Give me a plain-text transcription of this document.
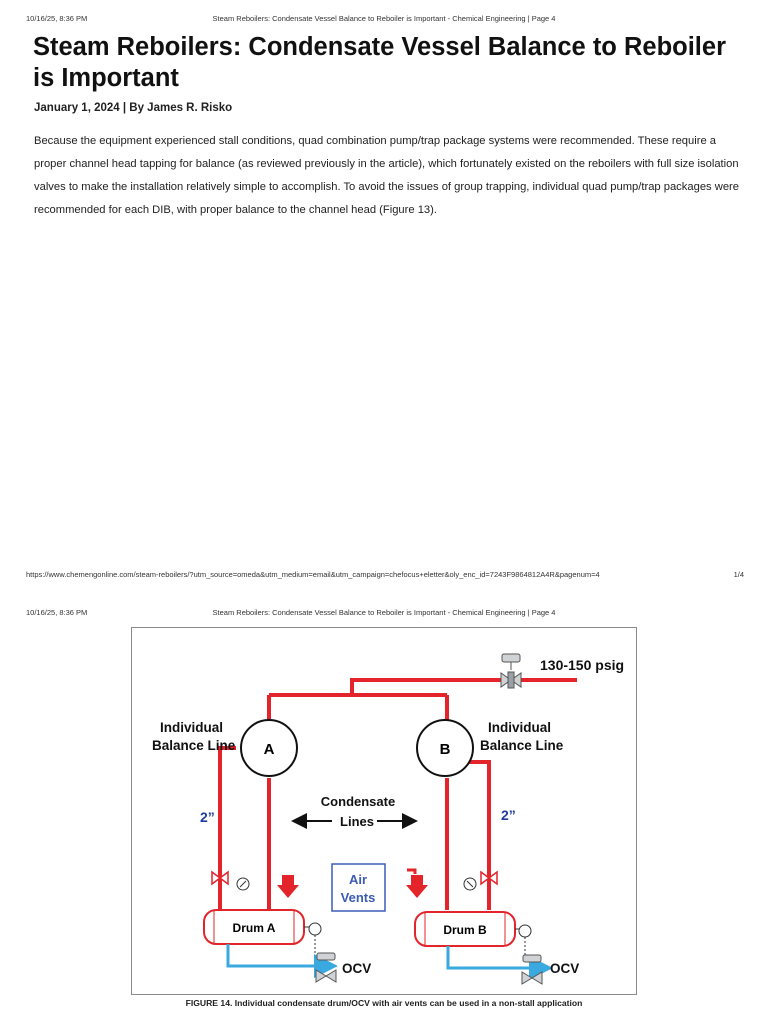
10/16/25, 8:36 PM	Steam Reboilers: Condensate Vessel Balance to Reboiler is Important - Chemical Engineering | Page 4
Steam Reboilers: Condensate Vessel Balance to Reboiler is Important
January 1, 2024 | By James R. Risko

Because the equipment experienced stall conditions, quad combination pump/trap package systems were recommended. These require a proper channel head tapping for balance (as reviewed previously in the article), which fortunately existed on the reboilers with full size isolation valves to make the installation relatively simple to accomplish. To avoid the issues of group trapping, individual quad pump/trap packages were recommended for each DIB, with proper balance to the channel head (Figure 13).

https://www.chemengonline.com/steam-reboilers/?utm_source=omeda&utm_medium=email&utm_campaign=chefocus+eletter&oly_enc_id=7243F9864812A4R&pagenum=4	1/4
10/16/25, 8:36 PM	Steam Reboilers: Condensate Vessel Balance to Reboiler is Important - Chemical Engineering | Page 4
A	B
Drum A	Drum B
Individual
Balance Line
Individual
Balance Line
130-150 psig
2”	2”
Condensate
Lines
Air
Vents
OCV	OCV
FIGURE 14. Individual condensate drum/OCV with air vents can be used in a non-stall application
